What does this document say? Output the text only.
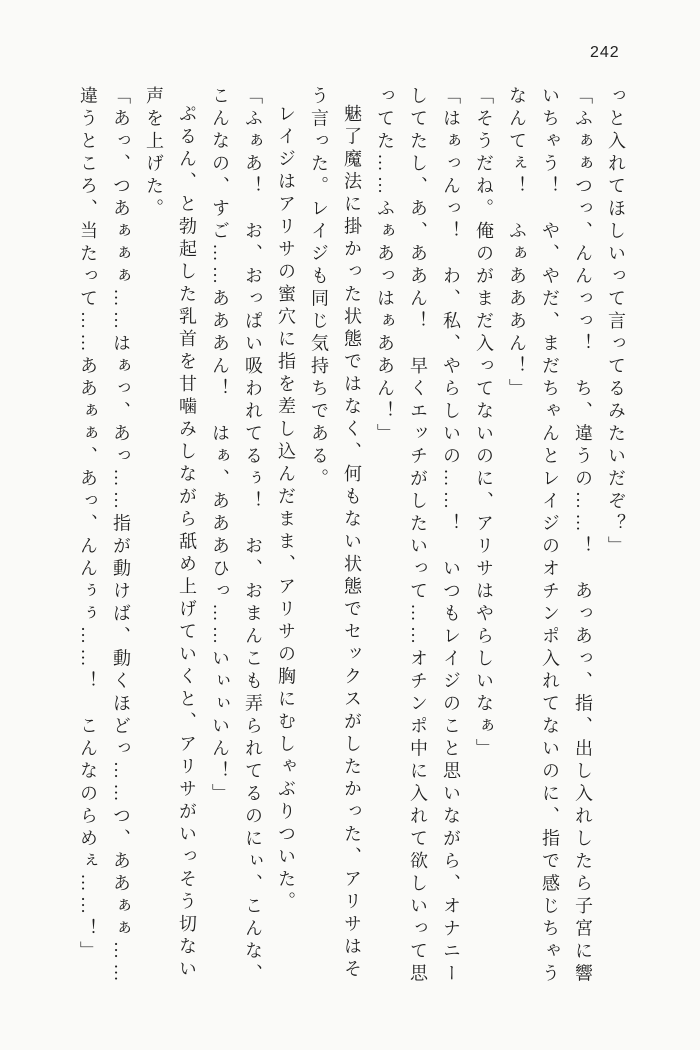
242

っと入れてほしいって言ってるみたいだぞ？」

「ふぁぁつっ、んんっっ！　ち、違うの……！　あっあっ、指、出し入れしたら子宮に響いちゃう！　や、やだ、まだちゃんとレイジのオチンポ入れてないのに、指で感じちゃうなんてぇ！　ふぁあああん！」

「そうだね。俺のがまだ入ってないのに、アリサはやらしいなぁ」

「はぁっんっ！　わ、私、やらしいの……！　いつもレイジのこと思いながら、オナニーしてたし、あ、ああん！　早くエッチがしたいって……オチンポ中に入れて欲しいって思ってた……ふぁあっはぁああん！」

魅了魔法に掛かった状態ではなく、何もない状態でセックスがしたかった、アリサはそう言った。レイジも同じ気持ちである。

レイジはアリサの蜜穴に指を差し込んだまま、アリサの胸にむしゃぶりついた。

「ふぁあ！　お、おっぱい吸われてるぅ！　お、おまんこも弄られてるのにぃ、こんな、こんなの、すご……あああん！　はぁ、あああひっ……いぃぃいん！」

ぷるん、と勃起した乳首を甘噛みしながら舐め上げていくと、アリサがいっそう切ない声を上げた。

「あっ、つあぁぁぁ……はぁっ、あっ……指が動けば、動くほどっ……つ、ああぁぁ……違うところ、当たって……ああぁぁ、あっ、んんぅぅ……！　こんなのらめぇ……！」
